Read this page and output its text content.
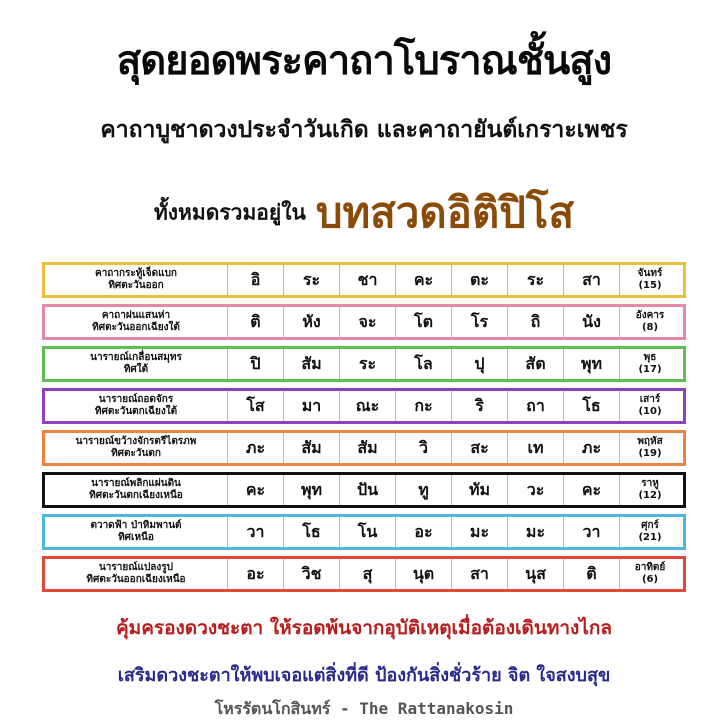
สุดยอดพระคาถาโบราณชั้นสูง
คาถาบูชาดวงประจำวันเกิด และคาถายันต์เกราะเพชร
ทั้งหมดรวมอยู่ใน บทสวดอิติปิโส
คาถากระทู้เจ็ดแบก
ทิศตะวันออก	อิ	ระ	ชา	คะ	ตะ	ระ	สา	จันทร์
(15)
คาถาฝนแสนห่า
ทิศตะวันออกเฉียงใต้	ติ	หัง	จะ	โต	โร	ถิ	นัง	อังคาร
(8)
นารายณ์เกลื่อนสมุทร
ทิศใต้	ปิ	สัม	ระ	โล	ปุ	สัต	พุท	พุธ
(17)
นารายณ์ถอดจักร
ทิศตะวันตกเฉียงใต้	โส	มา	ณะ	กะ	ริ	ถา	โธ	เสาร์
(10)
นารายณ์ขว้างจักรตรีไตรภพ
ทิศตะวันตก	ภะ	สัม	สัม	วิ	สะ	เท	ภะ	พฤหัส
(19)
นารายณ์พลิกแผ่นดิน
ทิศตะวันตกเฉียงเหนือ	คะ	พุท	ปัน	ทู	ทัม	วะ	คะ	ราหู
(12)
ตวาดฟ้า ป่าหิมพานต์
ทิศเหนือ	วา	โธ	โน	อะ	มะ	มะ	วา	ศุกร์
(21)
นารายณ์แปลงรูป
ทิศตะวันออกเฉียงเหนือ	อะ	วิช	สุ	นุต	สา	นุส	ติ	อาทิตย์
(6)
คุ้มครองดวงชะตา ให้รอดพ้นจากอุบัติเหตุเมื่อต้องเดินทางไกล
เสริมดวงชะตาให้พบเจอแต่สิ่งที่ดี ป้องกันสิ่งชั่วร้าย จิต ใจสงบสุข
โหรรัตนโกสินทร์ - The Rattanakosin
